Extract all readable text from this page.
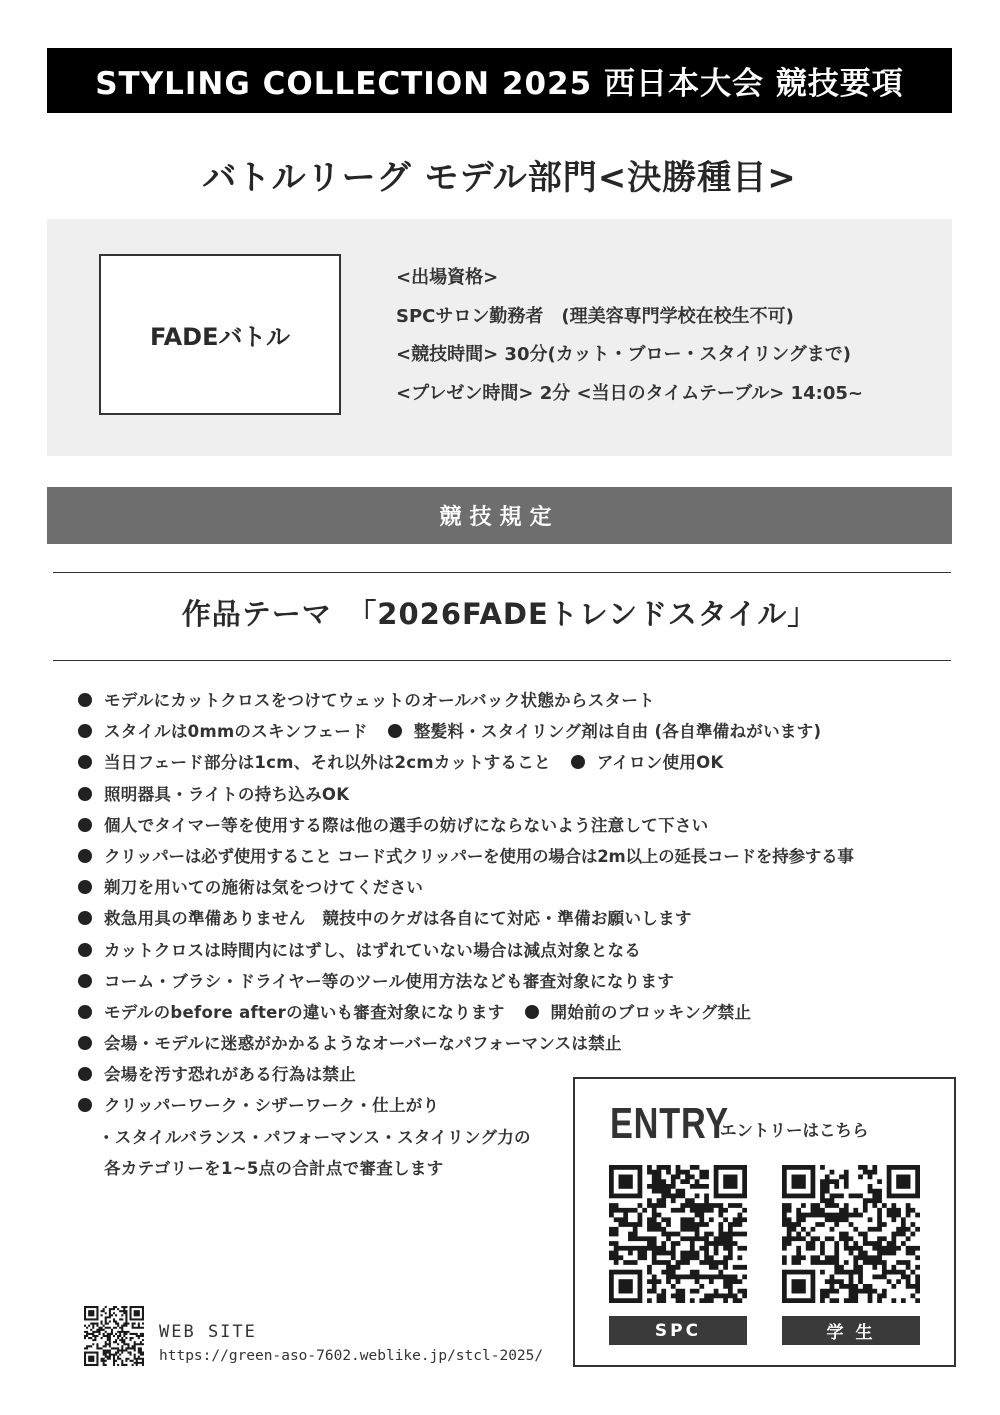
STYLING COLLECTION 2025 西日本大会 競技要項
バトルリーグ モデル部門<決勝種目>
FADEバトル
<出場資格>
SPCサロン勤務者　(理美容専門学校在校生不可)
<競技時間> 30分(カット・ブロー・スタイリングまで)
<プレゼン時間> 2分 <当日のタイムテーブル> 14:05~
競技規定
作品テーマ　「2026FADEトレンドスタイル」
モデルにカットクロスをつけてウェットのオールバック状態からスタート
スタイルは0mmのスキンフェード	整髪料・スタイリング剤は自由 (各自準備ねがいます)
当日フェード部分は1cm、それ以外は2cmカットすること	アイロン使用OK
照明器具・ライトの持ち込みOK
個人でタイマー等を使用する際は他の選手の妨げにならないよう注意して下さい
クリッパーは必ず使用すること コード式クリッパーを使用の場合は2m以上の延長コードを持参する事
剃刀を用いての施術は気をつけてください
救急用具の準備ありません　競技中のケガは各自にて対応・準備お願いします
カットクロスは時間内にはずし、はずれていない場合は減点対象となる
コーム・ブラシ・ドライヤー等のツール使用方法なども審査対象になります
モデルのbefore afterの違いも審査対象になります	開始前のブロッキング禁止
会場・モデルに迷惑がかかるようなオーバーなパフォーマンスは禁止
会場を汚す恐れがある行為は禁止
クリッパーワーク・シザーワーク・仕上がり
・スタイルバランス・パフォーマンス・スタイリング力の
各カテゴリーを1~5点の合計点で審査します
ENTRY
エントリーはこちら
SPC	学 生
WEB SITE
https://green-aso-7602.weblike.jp/stcl-2025/
